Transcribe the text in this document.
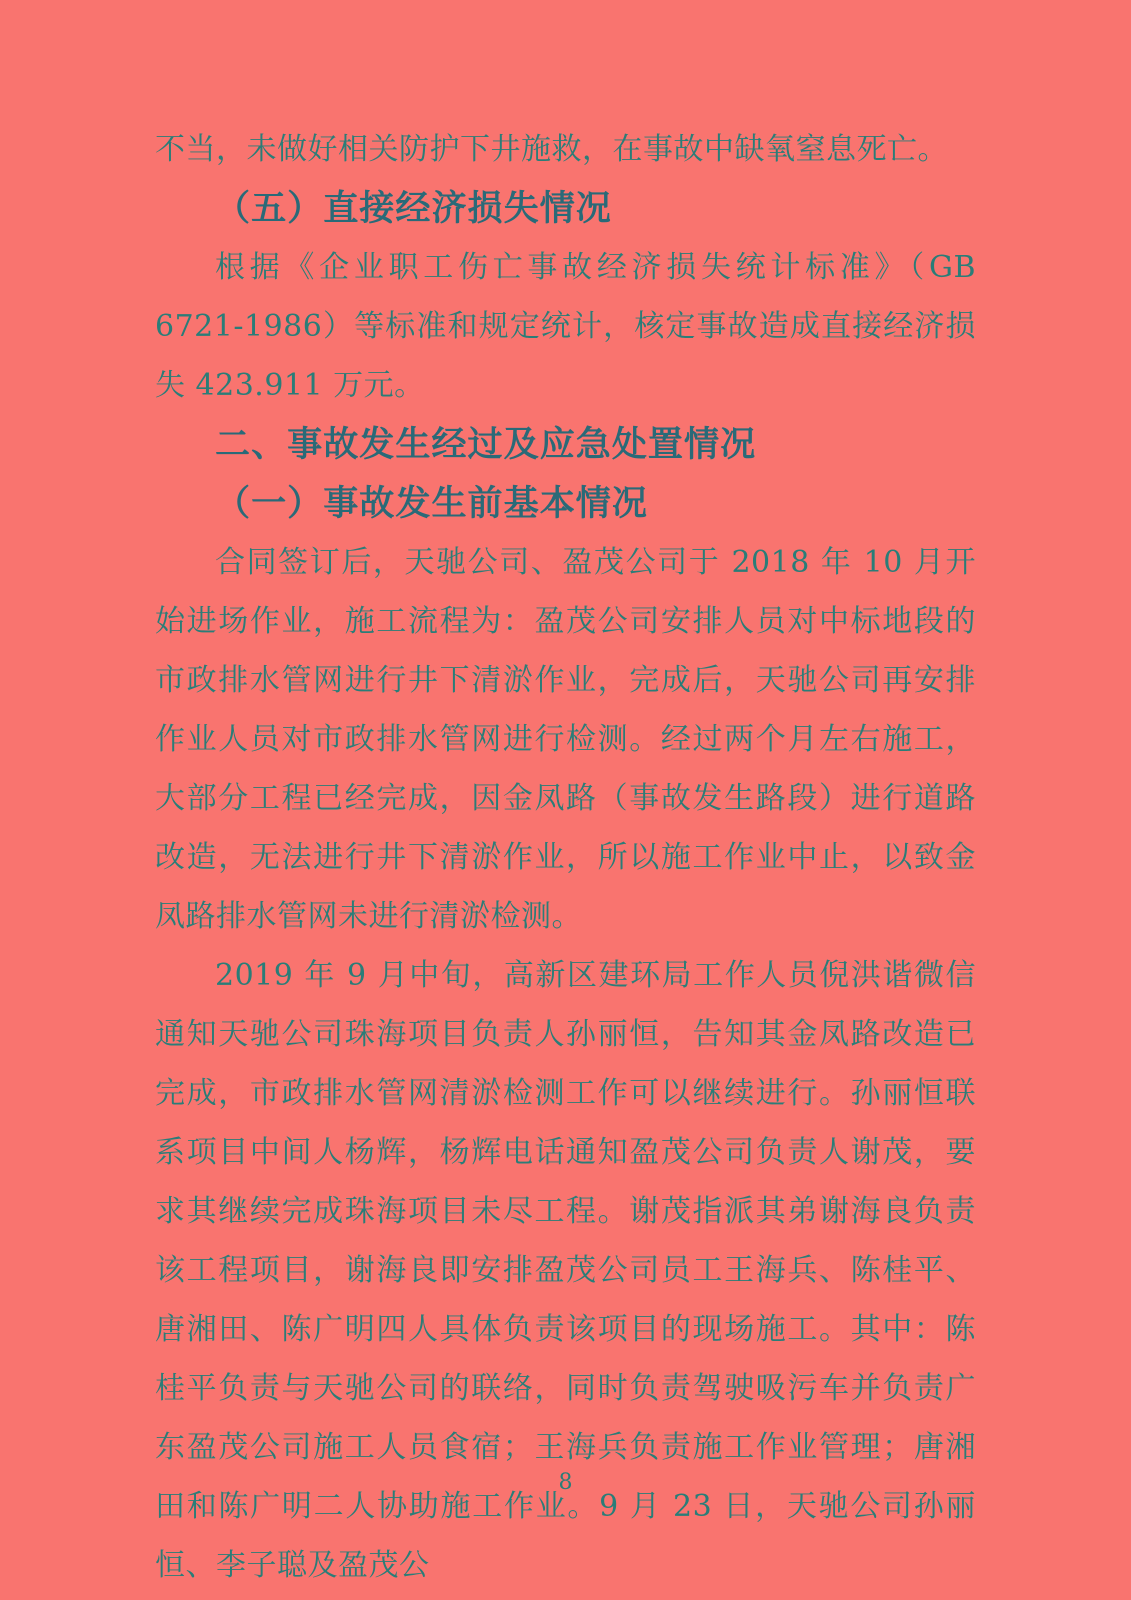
不当，未做好相关防护下井施救，在事故中缺氧窒息死亡。

（五）直接经济损失情况

根据《企业职工伤亡事故经济损失统计标准》（GB 6721-1986）等标准和规定统计，核定事故造成直接经济损失 423.911 万元。

二、事故发生经过及应急处置情况
（一）事故发生前基本情况

合同签订后，天驰公司、盈茂公司于 2018 年 10 月开始进场作业，施工流程为：盈茂公司安排人员对中标地段的市政排水管网进行井下清淤作业，完成后，天驰公司再安排作业人员对市政排水管网进行检测。经过两个月左右施工，大部分工程已经完成，因金凤路（事故发生路段）进行道路改造，无法进行井下清淤作业，所以施工作业中止，以致金凤路排水管网未进行清淤检测。

2019 年 9 月中旬，高新区建环局工作人员倪洪谐微信通知天驰公司珠海项目负责人孙丽恒，告知其金凤路改造已完成，市政排水管网清淤检测工作可以继续进行。孙丽恒联系项目中间人杨辉，杨辉电话通知盈茂公司负责人谢茂，要求其继续完成珠海项目未尽工程。谢茂指派其弟谢海良负责该工程项目，谢海良即安排盈茂公司员工王海兵、陈桂平、唐湘田、陈广明四人具体负责该项目的现场施工。其中：陈桂平负责与天驰公司的联络，同时负责驾驶吸污车并负责广东盈茂公司施工人员食宿；王海兵负责施工作业管理；唐湘田和陈广明二人协助施工作业。9 月 23 日，天驰公司孙丽恒、李子聪及盈茂公

8
